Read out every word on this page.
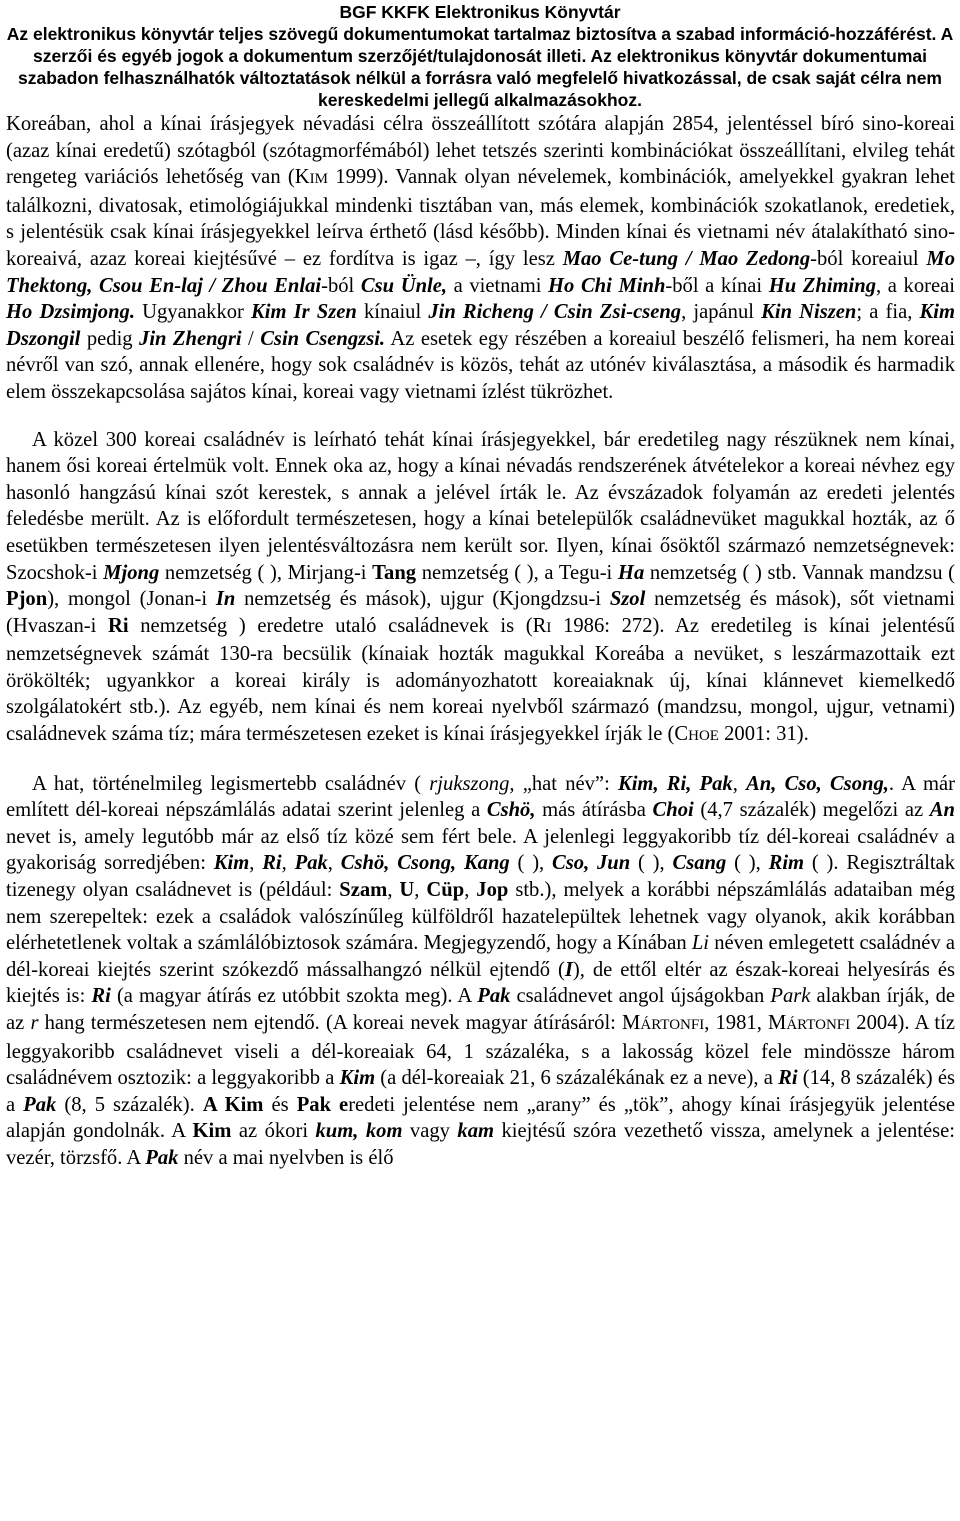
BGF KKFK Elektronikus Könyvtár
Az elektronikus könyvtár teljes szövegű dokumentumokat tartalmaz biztosítva a szabad információ-hozzáférést. A szerzői és egyéb jogok a dokumentum szerzőjét/tulajdonosát illeti. Az elektronikus könyvtár dokumentumai szabadon felhasználhatók változtatások nélkül a forrásra való megfelelő hivatkozással, de csak saját célra nem kereskedelmi jellegű alkalmazásokhoz.

Koreában, ahol a kínai írásjegyek névadási célra összeállított szótára alapján 2854, jelentéssel bíró sino-koreai (azaz kínai eredetű) szótagból (szótagmorfémából) lehet tetszés szerinti kombinációkat összeállítani, elvileg tehát rengeteg variációs lehetőség van (KIM 1999). Vannak olyan névelemek, kombinációk, amelyekkel gyakran lehet találkozni, divatosak, etimológiájukkal mindenki tisztában van, más elemek, kombinációk szokatlanok, eredetiek, s jelentésük csak kínai írásjegyekkel leírva érthető (lásd később). Minden kínai és vietnami név átalakítható sino-koreaivá, azaz koreai kiejtésűvé – ez fordítva is igaz –, így lesz Mao Ce-tung / Mao Zedong-ból koreaiul Mo Thektong, Csou En-laj / Zhou Enlai-ból Csu Ünle, a vietnami Ho Chi Minh-ből a kínai Hu Zhiming, a koreai Ho Dzsimjong. Ugyanakkor Kim Ir Szen kínaiul Jin Richeng / Csin Zsi-cseng, japánul Kin Niszen; a fia, Kim Dszongil pedig Jin Zhengri / Csin Csengzsi. Az esetek egy részében a koreaiul beszélő felismeri, ha nem koreai névről van szó, annak ellenére, hogy sok családnév is közös, tehát az utónév kiválasztása, a második és harmadik elem összekapcsolása sajátos kínai, koreai vagy vietnami ízlést tükrözhet.

A közel 300 koreai családnév is leírható tehát kínai írásjegyekkel, bár eredetileg nagy részüknek nem kínai, hanem ősi koreai értelmük volt. Ennek oka az, hogy a kínai névadás rendszerének átvételekor a koreai névhez egy hasonló hangzású kínai szót kerestek, s annak a jelével írták le. Az évszázadok folyamán az eredeti jelentés feledésbe merült. Az is előfordult természetesen, hogy a kínai betelepülők családnevüket magukkal hozták, az ő esetükben természetesen ilyen jelentésváltozásra nem került sor. Ilyen, kínai ősöktől származó nemzetségnevek: Szocshok-i Mjong nemzetség ( ), Mirjang-i Tang nemzetség ( ), a Tegu-i Ha nemzetség ( ) stb. Vannak mandzsu ( Pjon), mongol (Jonan-i In nemzetség és mások), ujgur (Kjongdzsu-i Szol nemzetség és mások), sőt vietnami (Hvaszan-i Ri nemzetség ) eredetre utaló családnevek is (RI 1986: 272). Az eredetileg is kínai jelentésű nemzetségnevek számát 130-ra becsülik (kínaiak hozták magukkal Koreába a nevüket, s leszármazottaik ezt örökölték; ugyankkor a koreai király is adományozhatott koreaiaknak új, kínai klánnevet kiemelkedő szolgálatokért stb.). Az egyéb, nem kínai és nem koreai nyelvből származó (mandzsu, mongol, ujgur, vetnami) családnevek száma tíz; mára természetesen ezeket is kínai írásjegyekkel írják le (CHOE 2001: 31).

A hat, történelmileg legismertebb családnév ( rjukszong, „hat név”: Kim, Ri, Pak, An, Cso, Csong,. A már említett dél-koreai népszámlálás adatai szerint jelenleg a Cshö, más átírásba Choi (4,7 százalék) megelőzi az An nevet is, amely legutóbb már az első tíz közé sem fért bele. A jelenlegi leggyakoribb tíz dél-koreai családnév a gyakoriság sorredjében: Kim, Ri, Pak, Cshö, Csong, Kang ( ), Cso, Jun ( ), Csang ( ), Rim ( ). Regisztráltak tizenegy olyan családnevet is (például: Szam, U, Cüp, Jop stb.), melyek a korábbi népszámlálás adataiban még nem szerepeltek: ezek a családok valószínűleg külföldről hazatelepültek lehetnek vagy olyanok, akik korábban elérhetetlenek voltak a számlálóbiztosok számára. Megjegyzendő, hogy a Kínában Li néven emlegetett családnév a dél-koreai kiejtés szerint szókezdő mássalhangzó nélkül ejtendő (I), de ettől eltér az észak-koreai helyesírás és kiejtés is: Ri (a magyar átírás ez utóbbit szokta meg). A Pak családnevet angol újságokban Park alakban írják, de az r hang természetesen nem ejtendő. (A koreai nevek magyar átírásáról: MÁRTONFI, 1981, MÁRTONFI 2004). A tíz leggyakoribb családnevet viseli a dél-koreaiak 64, 1 százaléka, s a lakosság közel fele mindössze három családnévem osztozik: a leggyakoribb a Kim (a dél-koreaiak 21, 6 százalékának ez a neve), a Ri (14, 8 százalék) és a Pak (8, 5 százalék). A Kim és Pak eredeti jelentése nem „arany” és „tök”, ahogy kínai írásjegyük jelentése alapján gondolnák. A Kim az ókori kum, kom vagy kam kiejtésű szóra vezethető vissza, amelynek a jelentése: vezér, törzsfő. A Pak név a mai nyelvben is élő
